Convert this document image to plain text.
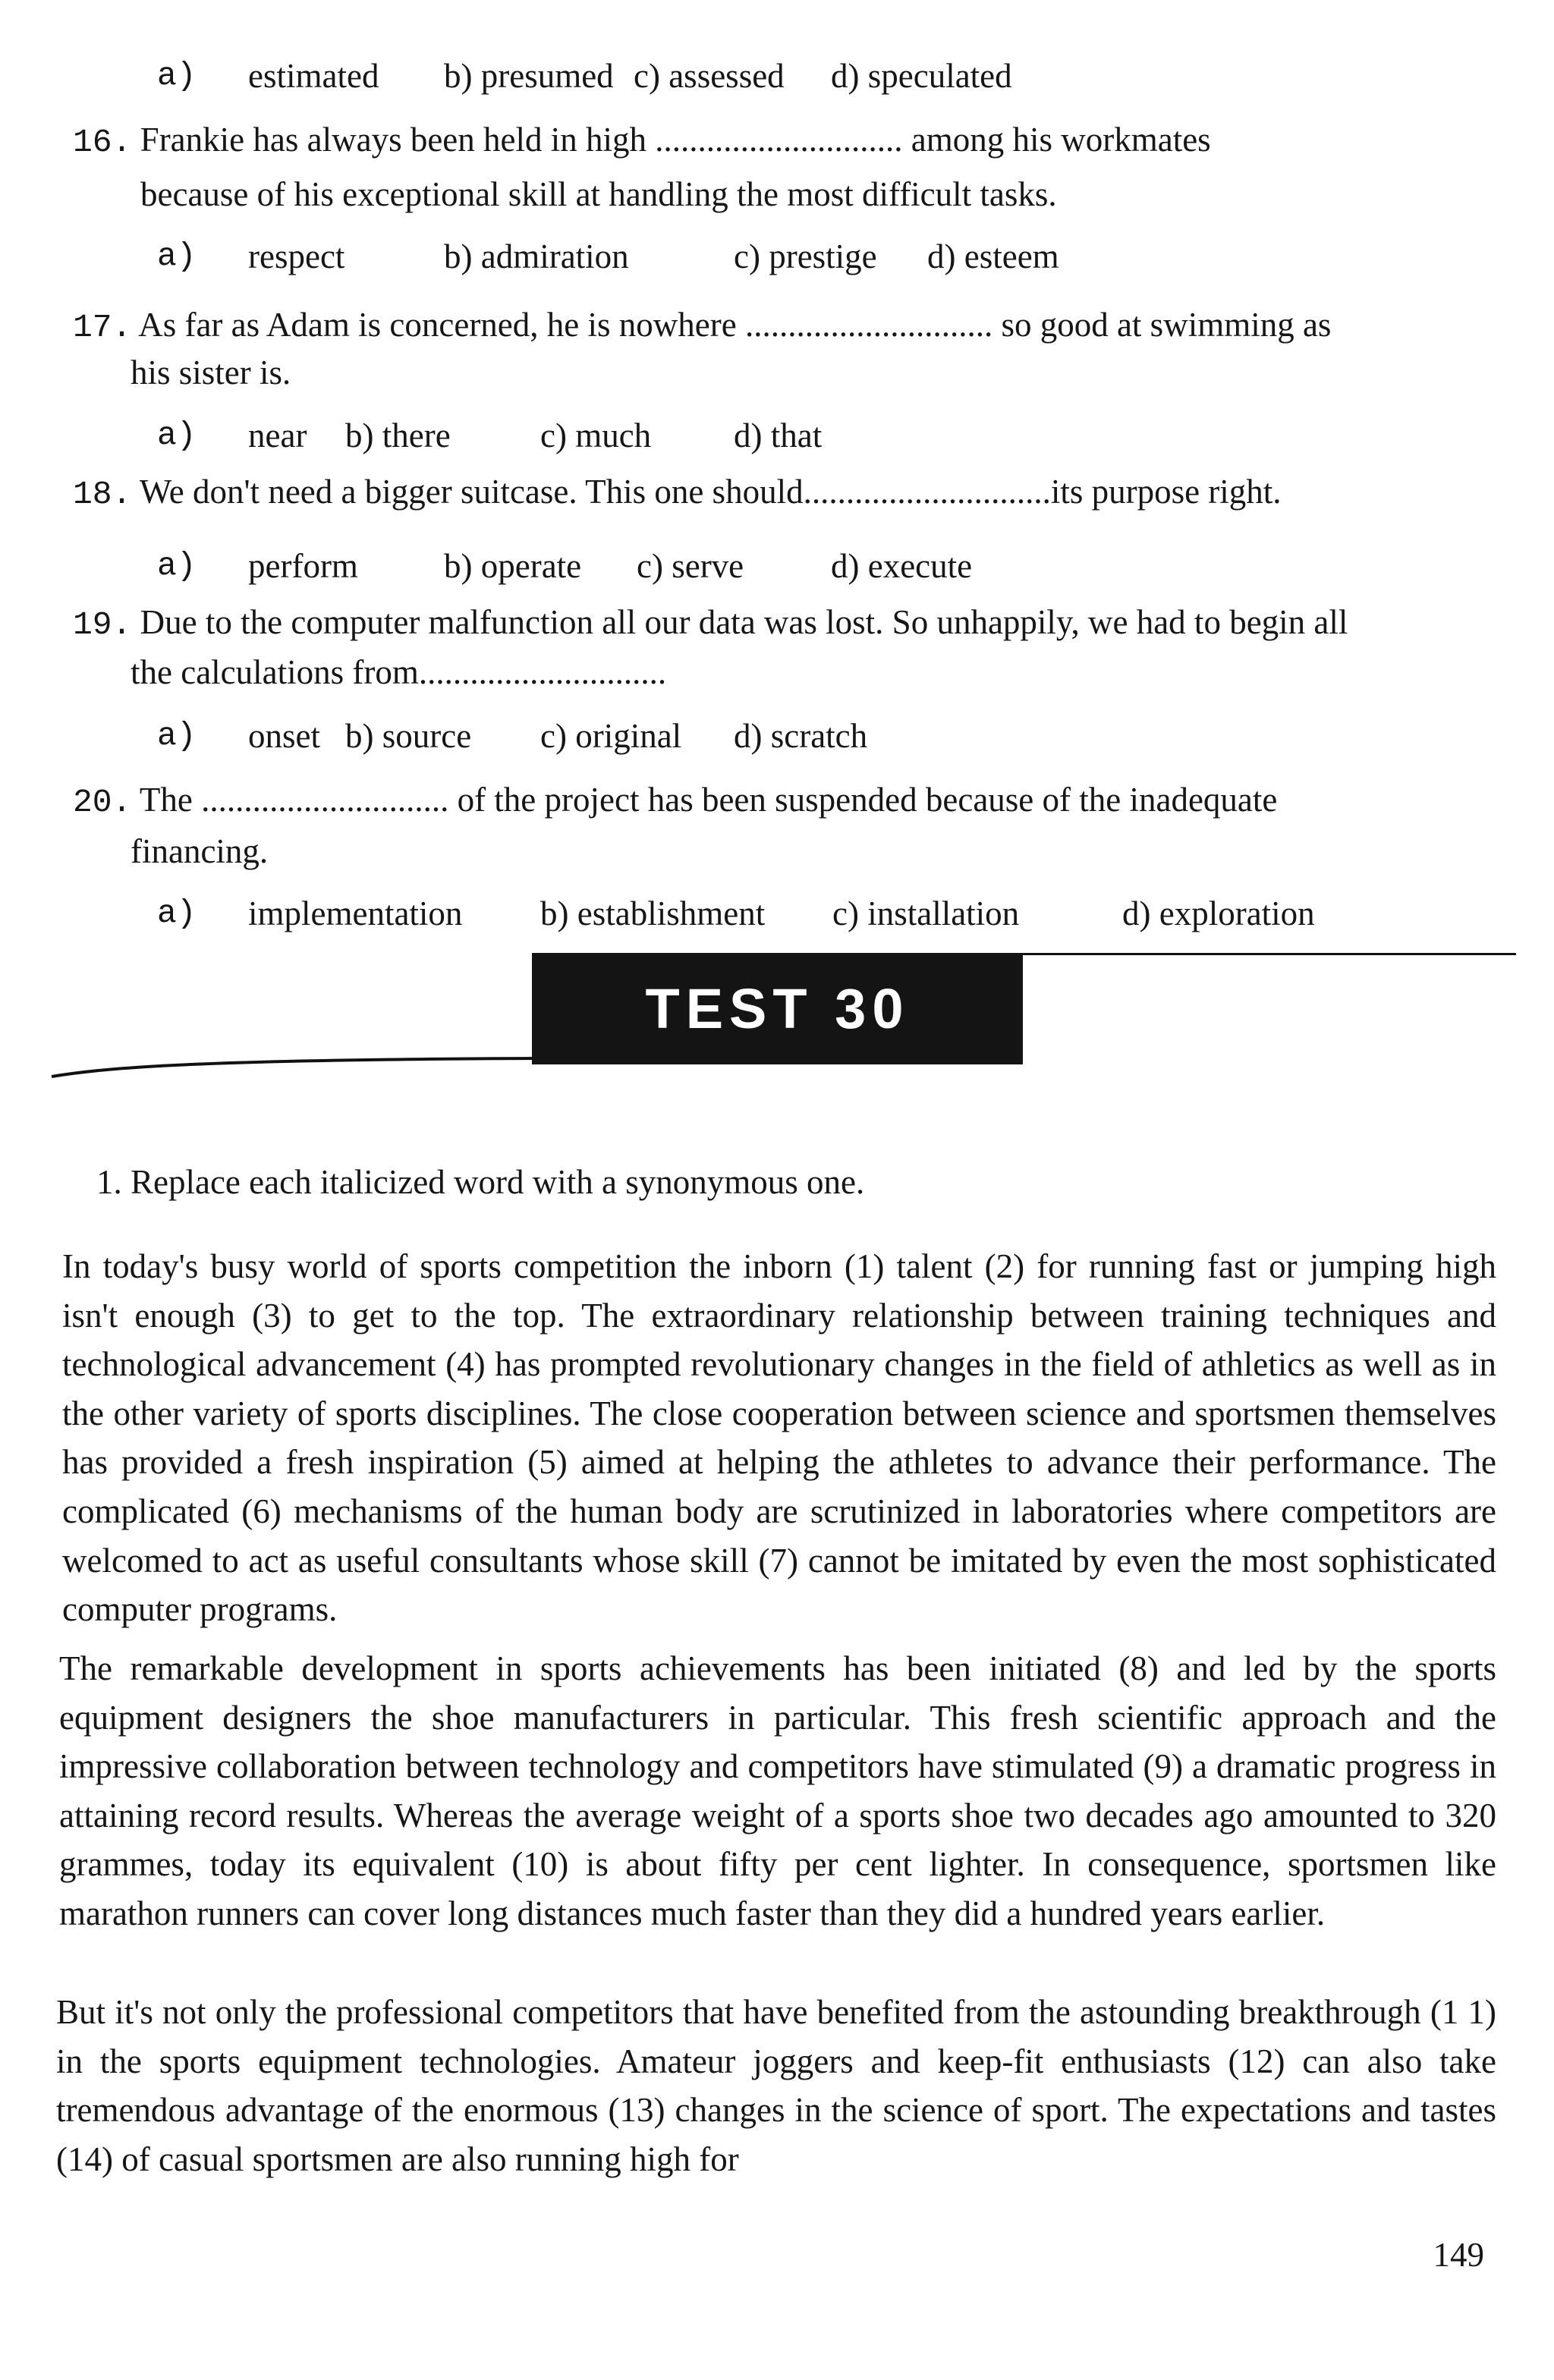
a) estimated b) presumed c) assessed d) speculated
16. Frankie has always been held in high ............................. among his workmates
because of his exceptional skill at handling the most difficult tasks.
a) respect	b) admiration	c) prestige d) esteem
17. As far as Adam is concerned, he is nowhere ............................. so good at swimming as
his sister is.
a) near b) there	c) much d) that
18. We don't need a bigger suitcase. This one should.............................its purpose right.
a) perform	b) operate c) serve	d) execute
19. Due to the computer malfunction all our data was lost. So unhappily, we had to begin all
the calculations from.............................
a) onset b) source c) original d) scratch
20. The ............................. of the project has been suspended because of the inadequate
financing.
a) implementation b) establishment c) installation	d) exploration
TEST 30
1. Replace each italicized word with a synonymous one.
In today's busy world of sports competition the inborn (1) talent (2) for running fast or jumping high isn't enough (3) to get to the top. The extraordinary relationship between training techniques and technological advancement (4) has prompted revolutionary changes in the field of athletics as well as in the other variety of sports disciplines. The close cooperation between science and sportsmen themselves has provided a fresh inspiration (5) aimed at helping the athletes to advance their performance. The complicated (6) mechanisms of the human body are scrutinized in laboratories where competitors are welcomed to act as useful consultants whose skill (7) cannot be imitated by even the most sophisticated computer programs.
The remarkable development in sports achievements has been initiated (8) and led by the sports equipment designers the shoe manufacturers in particular. This fresh scientific approach and the impressive collaboration between technology and competitors have stimulated (9) a dramatic progress in attaining record results. Whereas the average weight of a sports shoe two decades ago amounted to 320 grammes, today its equivalent (10) is about fifty per cent lighter. In consequence, sportsmen like marathon runners can cover long distances much faster than they did a hundred years earlier.
But it's not only the professional competitors that have benefited from the astounding breakthrough (1 1) in the sports equipment technologies. Amateur joggers and keep-fit enthusiasts (12) can also take tremendous advantage of the enormous (13) changes in the science of sport. The expectations and tastes (14) of casual sportsmen are also running high for
149
